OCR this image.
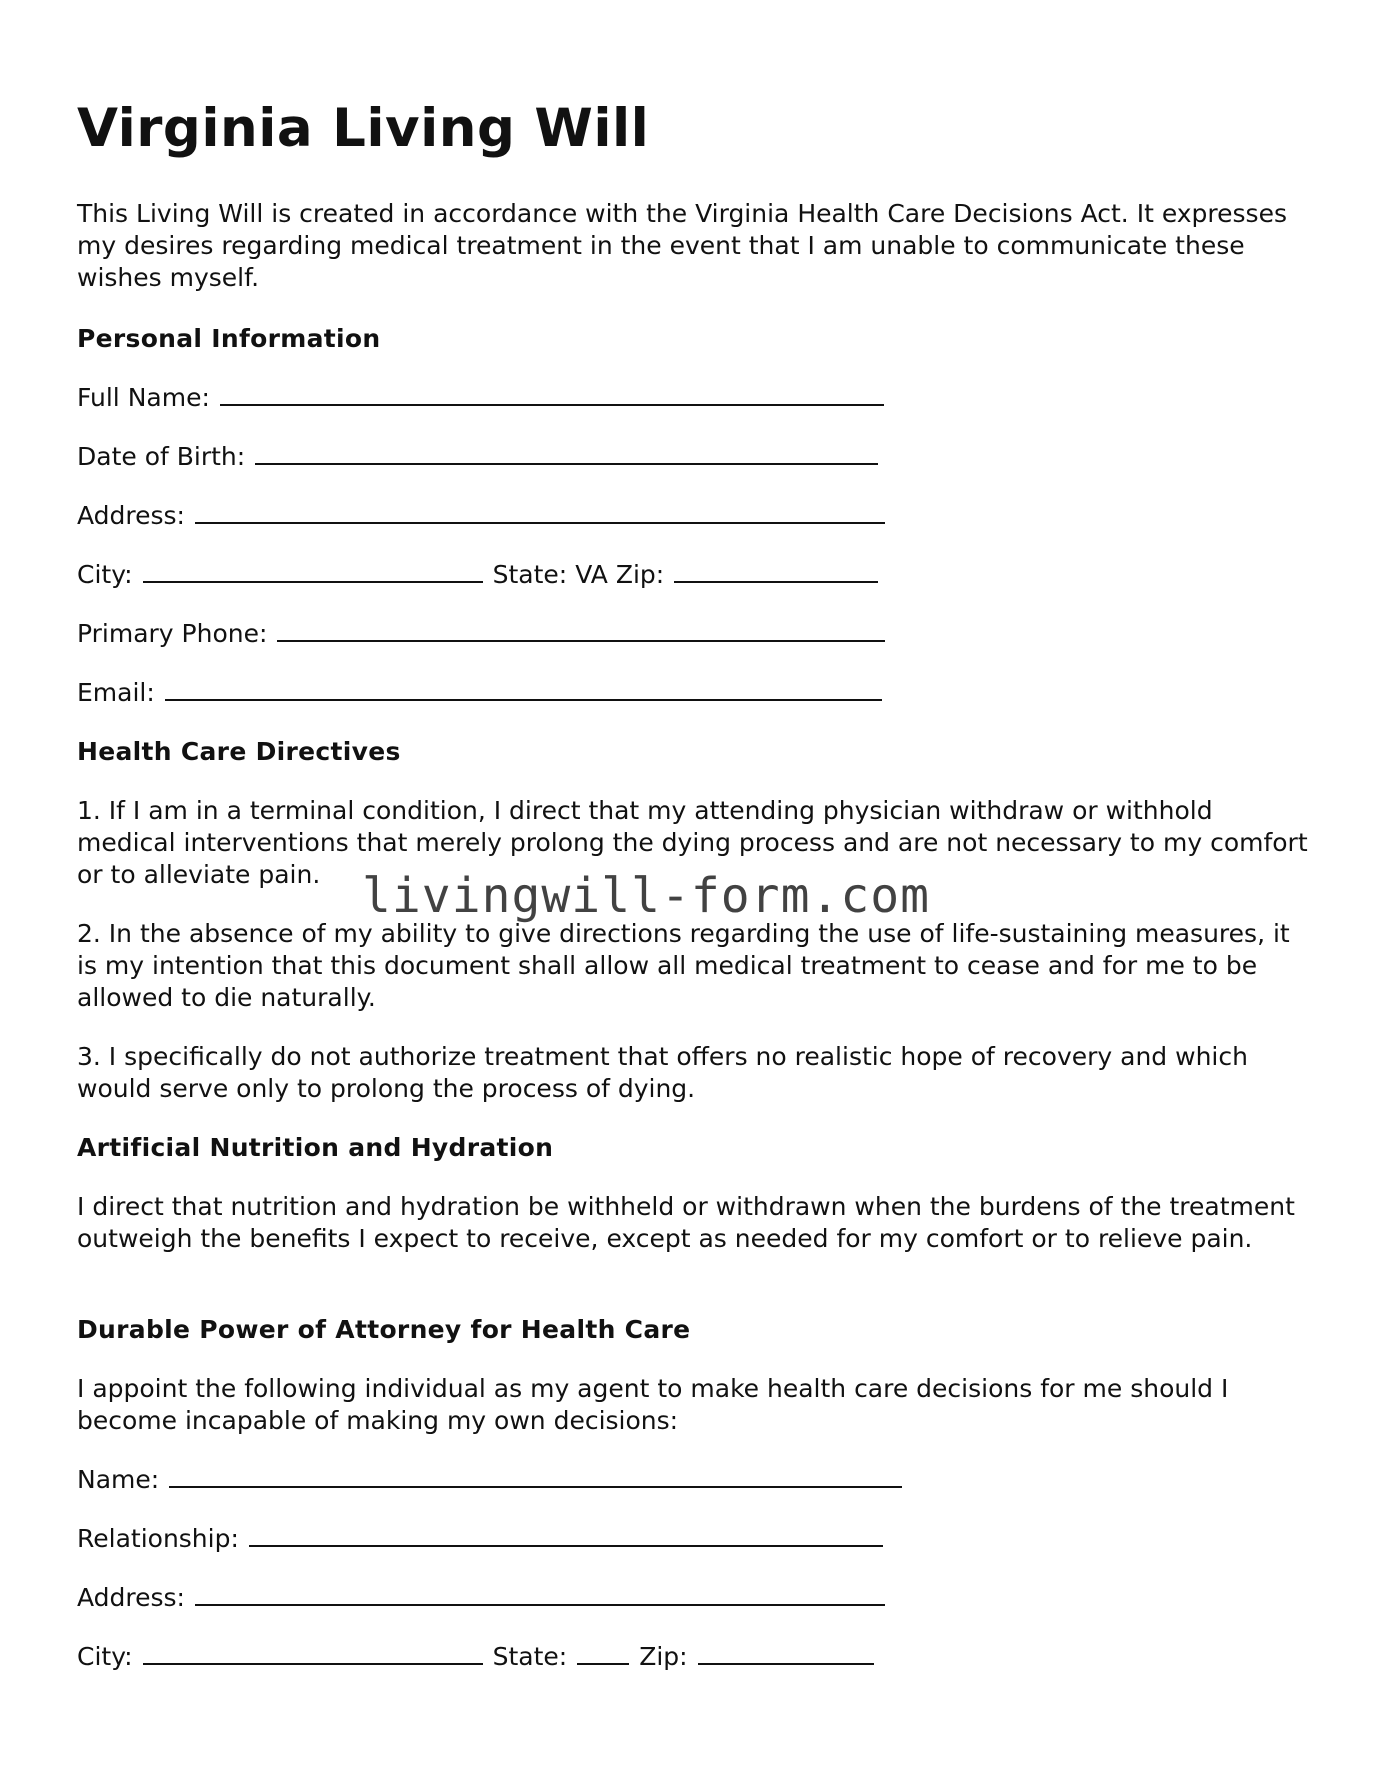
Virginia Living Will

This Living Will is created in accordance with the Virginia Health Care Decisions Act. It expresses my desires regarding medical treatment in the event that I am unable to communicate these wishes myself.

Personal Information
Full Name:
Date of Birth:
Address:
City:	State: VA Zip:
Primary Phone:
Email:
Health Care Directives

1. If I am in a terminal condition, I direct that my attending physician withdraw or withhold medical interventions that merely prolong the dying process and are not necessary to my comfort or to alleviate pain.

2. In the absence of my ability to give directions regarding the use of life-sustaining measures, it is my intention that this document shall allow all medical treatment to cease and for me to be allowed to die naturally.

3. I specifically do not authorize treatment that offers no realistic hope of recovery and which would serve only to prolong the process of dying.

Artificial Nutrition and Hydration

I direct that nutrition and hydration be withheld or withdrawn when the burdens of the treatment outweigh the benefits I expect to receive, except as needed for my comfort or to relieve pain.

Durable Power of Attorney for Health Care

I appoint the following individual as my agent to make health care decisions for me should I become incapable of making my own decisions:

Name:
Relationship:
Address:
City:	State:	Zip:
livingwill-form.com
